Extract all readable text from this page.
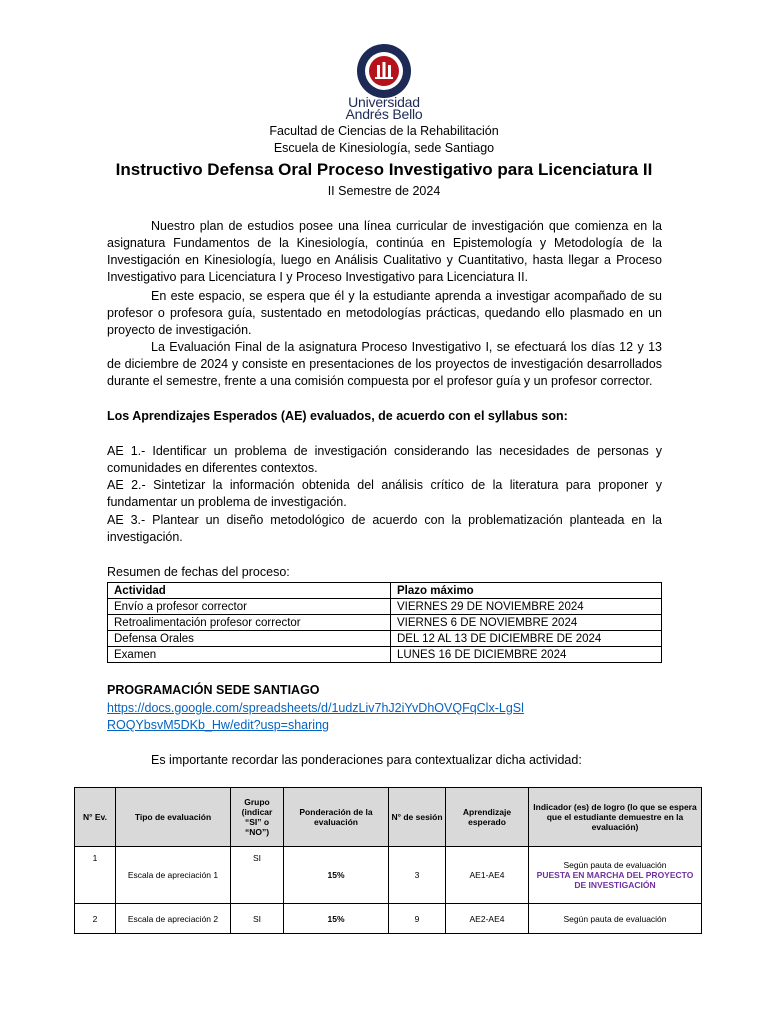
Universidad
Andrés Bello
Facultad de Ciencias de la Rehabilitación
Escuela de Kinesiología, sede Santiago
Instructivo Defensa Oral Proceso Investigativo para Licenciatura II
II Semestre de 2024

Nuestro plan de estudios posee una línea curricular de investigación que comienza en la asignatura Fundamentos de la Kinesiología, continúa en Epistemología y Metodología de la Investigación en Kinesiología, luego en Análisis Cualitativo y Cuantitativo, hasta llegar a Proceso Investigativo para Licenciatura I y Proceso Investigativo para Licenciatura II.

En este espacio, se espera que él y la estudiante aprenda a investigar acompañado de su profesor o profesora guía, sustentado en metodologías prácticas, quedando ello plasmado en un proyecto de investigación.

La Evaluación Final de la asignatura Proceso Investigativo I, se efectuará los días 12 y 13 de diciembre de 2024 y consiste en presentaciones de los proyectos de investigación desarrollados durante el semestre, frente a una comisión compuesta por el profesor guía y un profesor corrector.

Los Aprendizajes Esperados (AE) evaluados, de acuerdo con el syllabus son:

AE 1.- Identificar un problema de investigación considerando las necesidades de personas y comunidades en diferentes contextos.

AE 2.- Sintetizar la información obtenida del análisis crítico de la literatura para proponer y fundamentar un problema de investigación.

AE 3.- Plantear un diseño metodológico de acuerdo con la problematización planteada en la investigación.

Resumen de fechas del proceso:

Actividad	Plazo máximo
Envío a profesor corrector	VIERNES 29 DE NOVIEMBRE 2024
Retroalimentación profesor corrector	VIERNES 6 DE NOVIEMBRE 2024
Defensa Orales	DEL 12 AL 13 DE DICIEMBRE DE 2024
Examen	LUNES 16 DE DICIEMBRE 2024
PROGRAMACIÓN SEDE SANTIAGO
https://docs.google.com/spreadsheets/d/1udzLiv7hJ2iYvDhOVQFqClx-LgSlROQYbsvM5DKb_Hw/edit?usp=sharing
Es importante recordar las ponderaciones para contextualizar dicha actividad:
N° Ev.	Tipo de evaluación	Grupo (indicar “SI” o “NO”)	Ponderación de la evaluación	N° de sesión	Aprendizaje esperado	Indicador (es) de logro (lo que se espera que el estudiante demuestre en la evaluación)
1	Escala de apreciación 1	SI	15%	3	AE1-AE4	Según pauta de evaluación
PUESTA EN MARCHA DEL PROYECTO DE INVESTIGACIÓN

2	Escala de apreciación 2	SI	15%	9	AE2-AE4	Según pauta de evaluación
